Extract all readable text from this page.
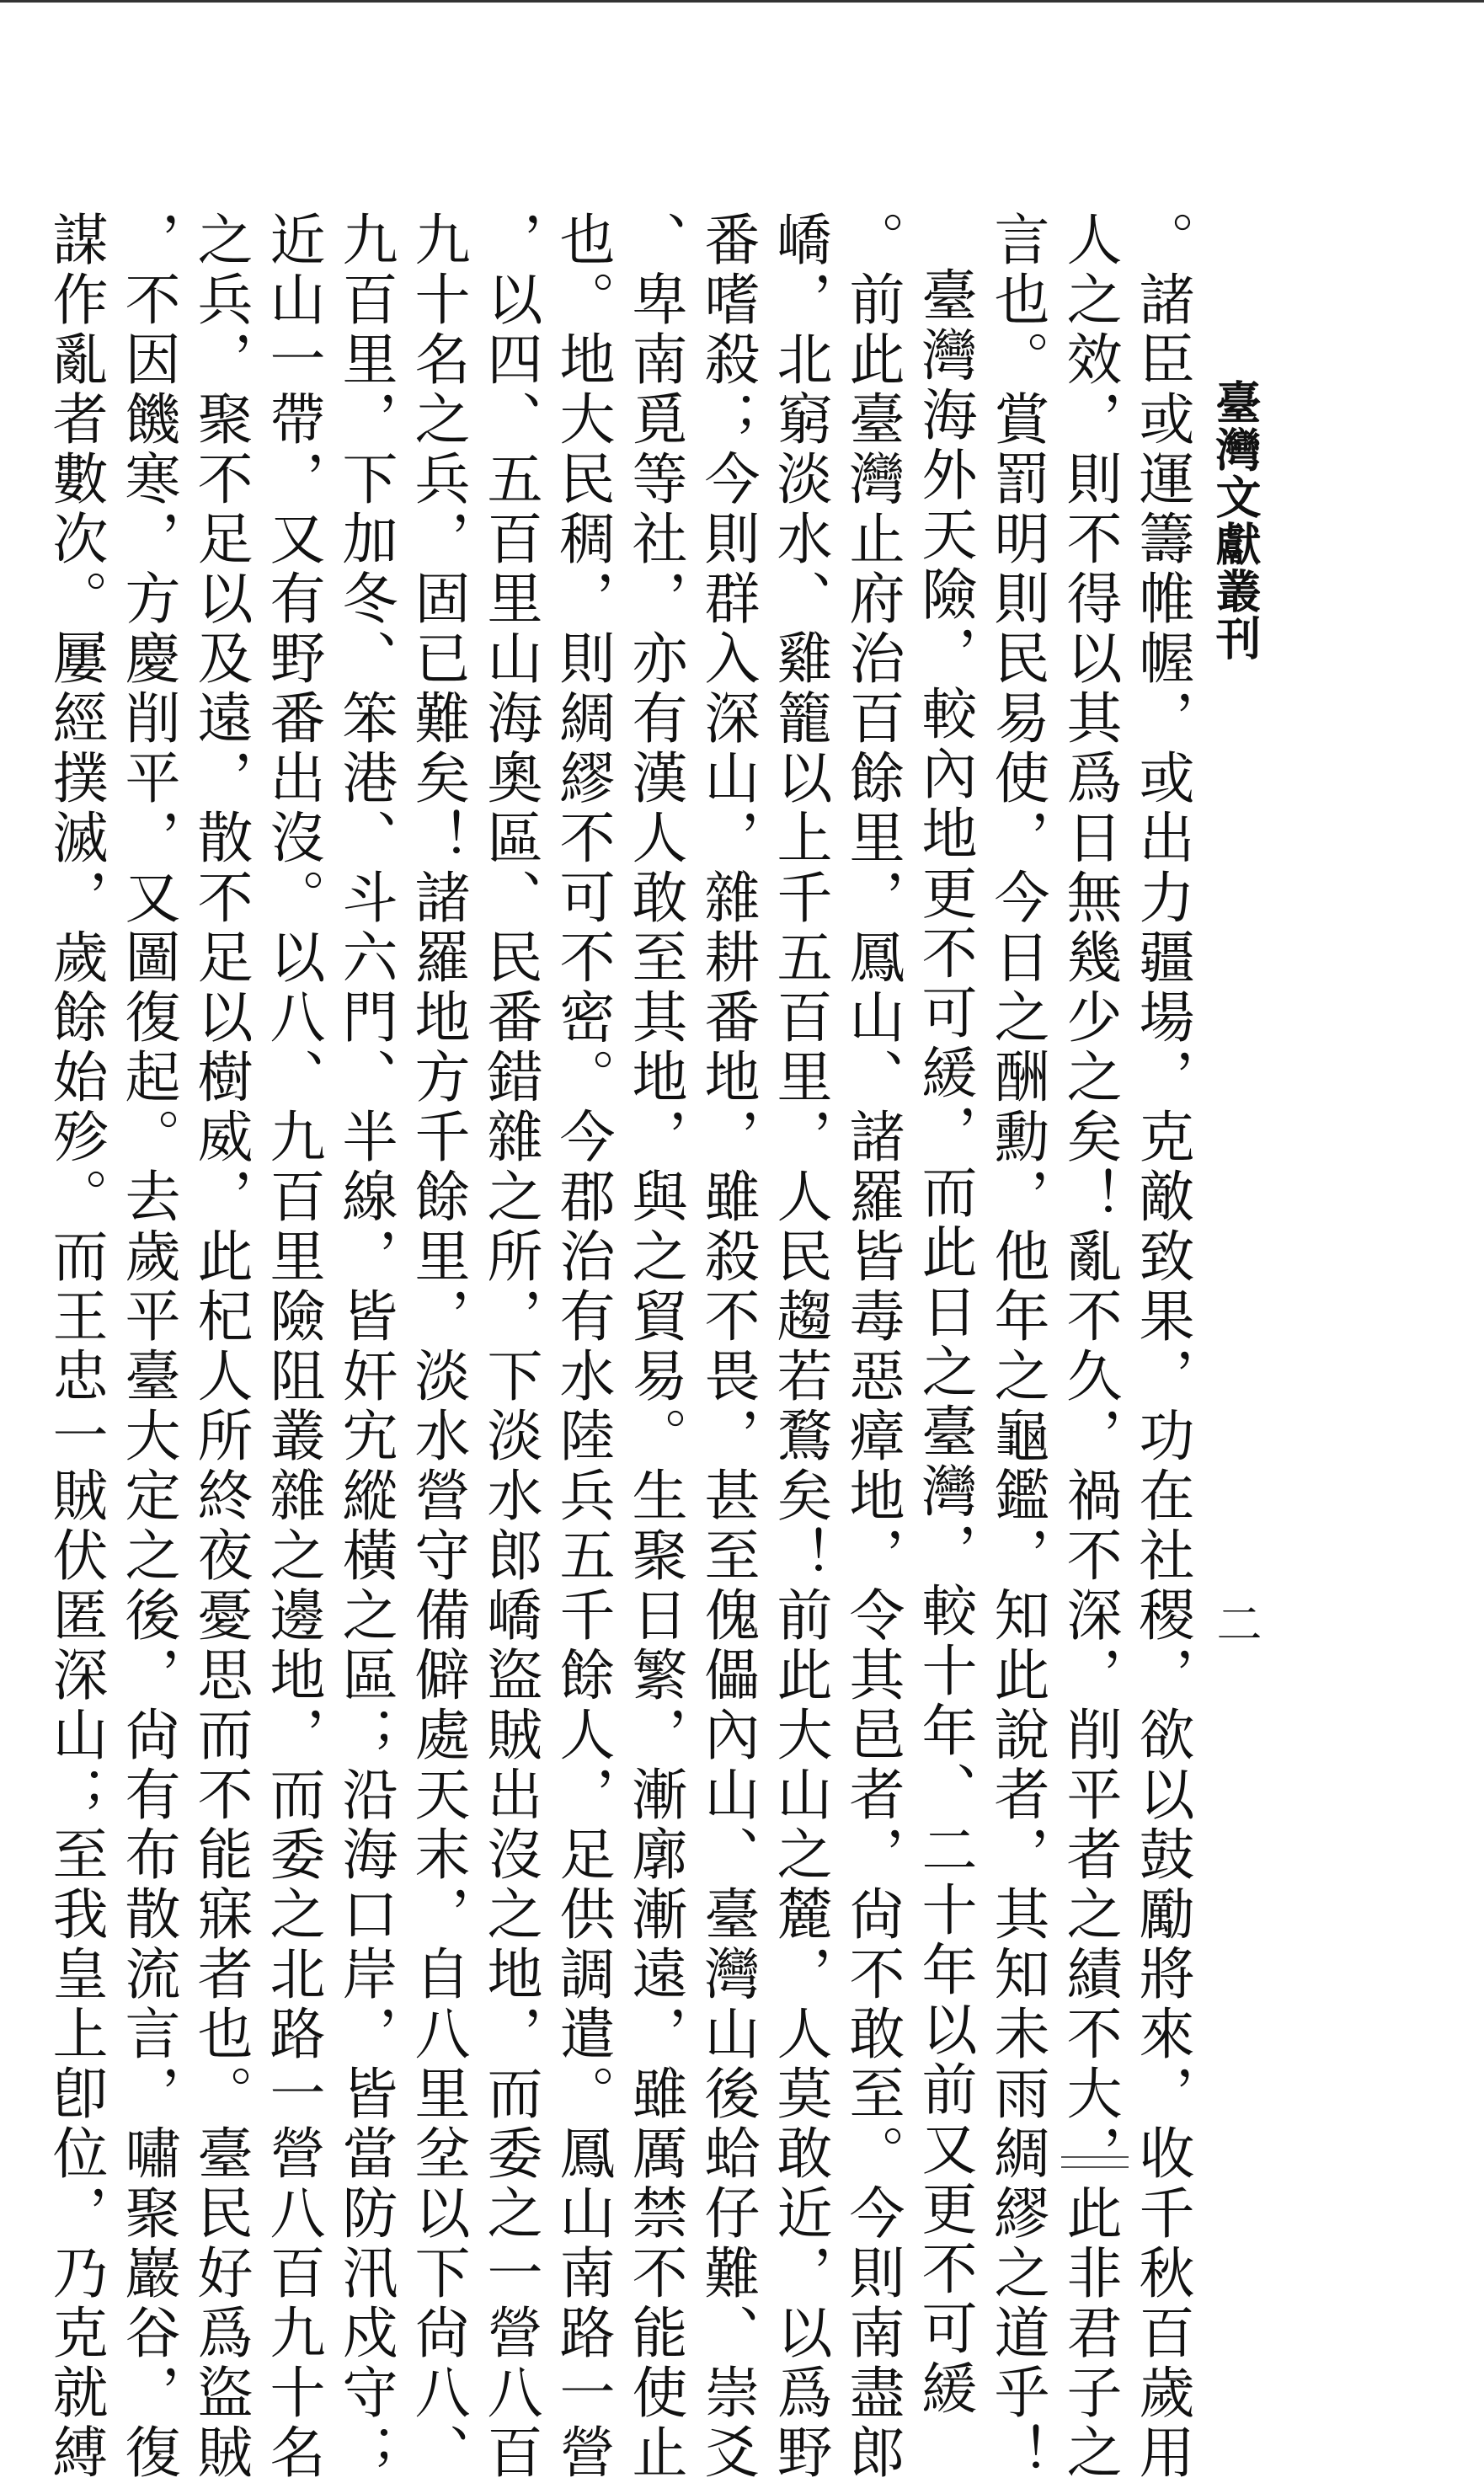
臺灣文獻叢刊
二
。諸臣或運籌帷幄，或出力疆場，克敵致果，功在社稷，欲以鼓勵將來，收千秋百歲用
人之效，則不得以其爲日無幾少之矣！亂不久，禍不深，削平者之績不大，此非君子之
言也。賞罰明則民易使，今日之酬勳，他年之龜鑑，知此說者，其知未雨綢繆之道乎！
臺灣海外天險，較內地更不可緩，而此日之臺灣，較十年、二十年以前又更不可緩
。前此臺灣止府治百餘里，鳳山、諸羅皆毒惡瘴地，令其邑者，尙不敢至。今則南盡郎
嶠，北窮淡水、雞籠以上千五百里，人民趨若鶩矣！前此大山之麓，人莫敢近，以爲野
番嗜殺；今則群入深山，雜耕番地，雖殺不畏，甚至傀儡內山、臺灣山後蛤仔難、崇爻
、卑南覓等社，亦有漢人敢至其地，與之貿易。生聚日繁，漸廓漸遠，雖厲禁不能使止
也。地大民稠，則綢繆不可不密。今郡治有水陸兵五千餘人，足供調遣。鳳山南路一營
，以四、五百里山海奧區、民番錯雜之所，下淡水郎嶠盜賊出沒之地，而委之一營八百
九十名之兵，固已難矣！諸羅地方千餘里，淡水營守備僻處天末，自八里坌以下尙八、
九百里，下加冬、笨港、斗六門、半線，皆奸宄縱橫之區；沿海口岸，皆當防汛戍守；
近山一帶，又有野番出沒。以八、九百里險阻叢雜之邊地，而委之北路一營八百九十名
之兵，聚不足以及遠，散不足以樹威，此杞人所終夜憂思而不能寐者也。臺民好爲盜賊
，不因饑寒，方慶削平，又圖復起。去歲平臺大定之後，尙有布散流言，嘯聚巖谷，復
謀作亂者數次。屢經撲滅，歲餘始殄。而王忠一賊伏匿深山；至我皇上卽位，乃克就縛
